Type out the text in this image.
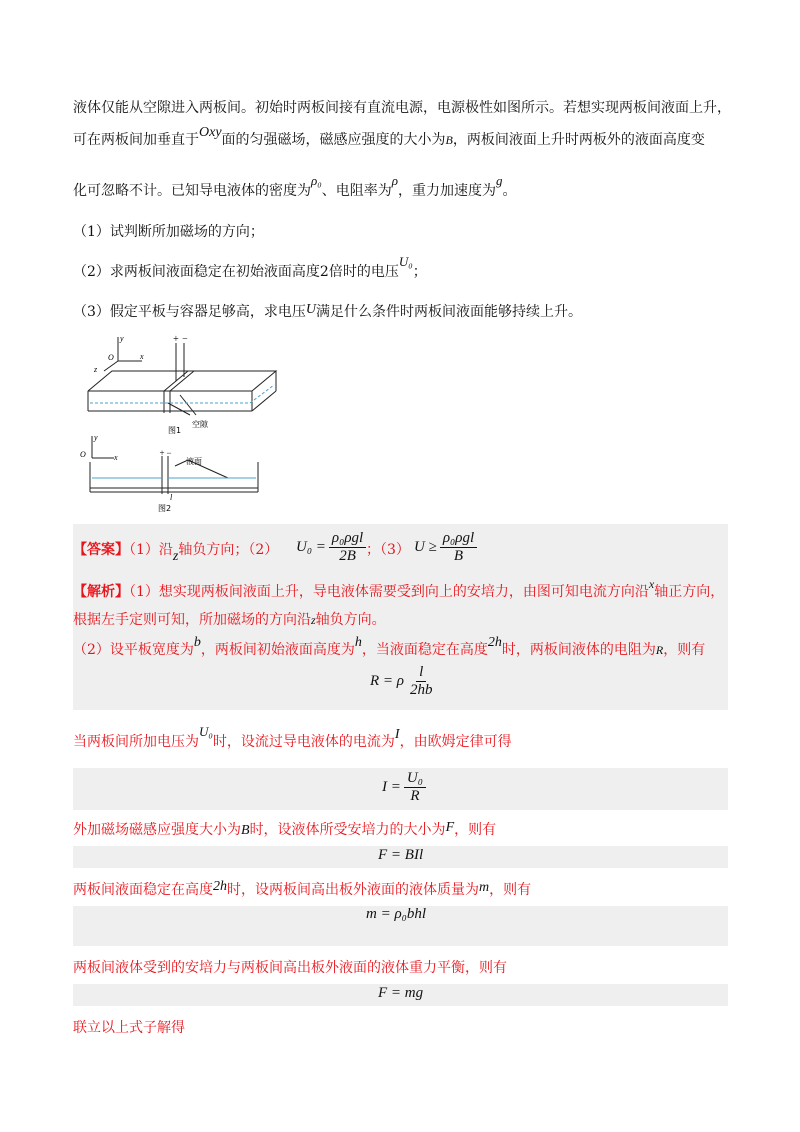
液体仅能从空隙进入两板间。初始时两板间接有直流电源，电源极性如图所示。若想实现两板间液面上升，
可在两板间加垂直于Oxy面的匀强磁场，磁感应强度的大小为B，两板间液面上升时两板外的液面高度变
化可忽略不计。已知导电液体的密度为ρ₀、电阻率为ρ，重力加速度为g。
（1）试判断所加磁场的方向；
（2）求两板间液面稳定在初始液面高度2倍时的电压U₀；
（3）假定平板与容器足够高，求电压U满足什么条件时两板间液面能够持续上升。
+ −
y
x
z
O
空隙
图1
+ −
y
x
O
液面
l
图2
【答案】（1）沿z轴负方向；（2） $U_0 = \frac{\text{ρ₀ρgl}}{2B}$ ；（3） $U \ge \frac{\text{ρ₀ρgl}}{B}$
【解析】（1）想实现两板间液面上升，导电液体需要受到向上的安培力，由图可知电流方向沿x轴正方向，
根据左手定则可知，所加磁场的方向沿z轴负方向。
（2）设平板宽度为b，两板间初始液面高度为h，当液面稳定在高度2h时，两板间液体的电阻为R，则有
R = ρ $\frac{l}{2hb}$
当两板间所加电压为U₀时，设流过导电液体的电流为I，由欧姆定律可得
$I = \frac{\text{U₀}}{R}$
外加磁场磁感应强度大小为B时，设液体所受安培力的大小为F，则有
F = BIl
两板间液面稳定在高度2h时，设两板间高出板外液面的液体质量为m，则有
m = ρ₀bhl
两板间液体受到的安培力与两板间高出板外液面的液体重力平衡，则有
F = mg
联立以上式子解得
